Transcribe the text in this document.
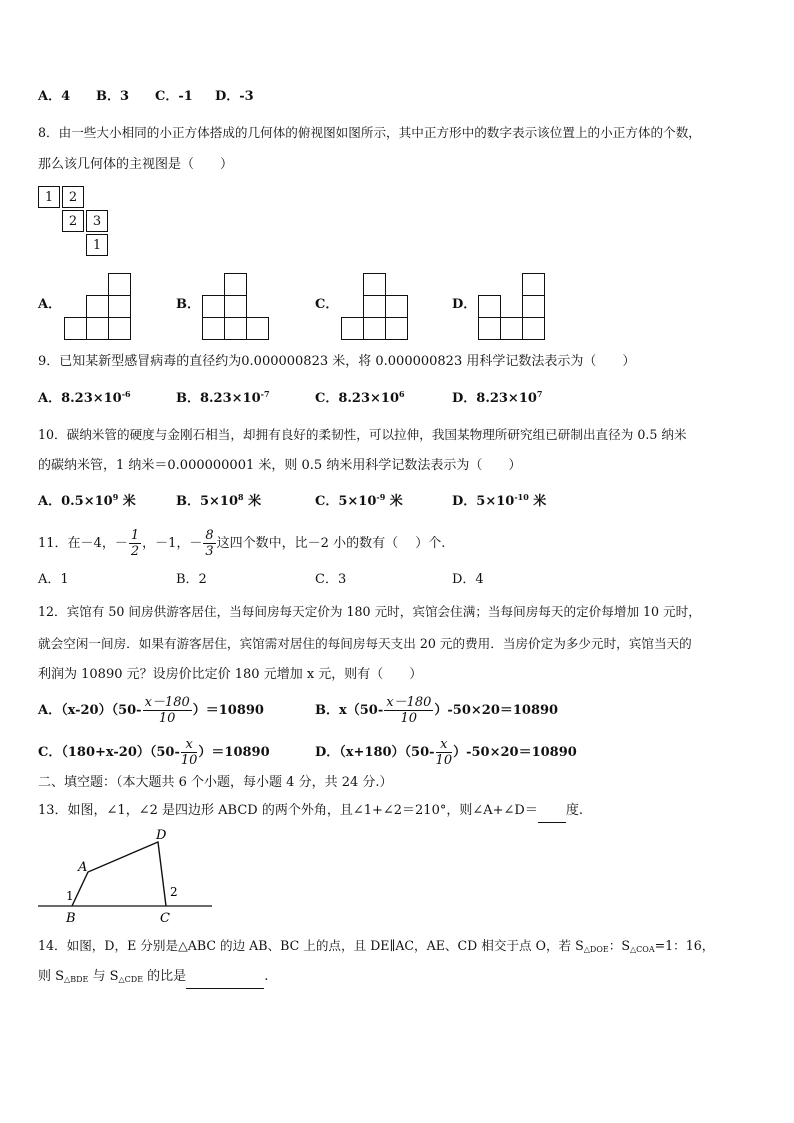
A．4 B．3 C．-1 D．-3
8．由一些大小相同的小正方体搭成的几何体的俯视图如图所示，其中正方形中的数字表示该位置上的小正方体的个数，
那么该几何体的主视图是（　　）
1	2
2	3
1
A．	B．	C．	D．
9．已知某新型感冒病毒的直径约为0.000000823 米，将 0.000000823 用科学记数法表示为（　　）
A．$8.23\times 10^{-6}$	B．$8.23\times 10^{-7}$	C．$8.23\times 10^6$	D．$8.23\times 10^7$
10．碳纳米管的硬度与金刚石相当，却拥有良好的柔韧性，可以拉伸，我国某物理所研究组已研制出直径为 0.5 纳米
的碳纳米管，1 纳米＝0.000000001 米，则 0.5 纳米用科学记数法表示为（　　）
A．$0.5\times 10^9$ 米	B．$5\times 10^8$ 米	C．$5\times 10^{-9}$ 米	D．$5\times 10^{-10}$ 米
11．在－4，－ $\frac{1}{2}$ ，－1，－ $\frac{8}{3}$ 这四个数中，比－2 小的数有（　 ）个.
A．1	B．2	C．3	D．4
12．宾馆有 50 间房供游客居住，当每间房每天定价为 180 元时，宾馆会住满；当每间房每天的定价每增加 10 元时，
就会空闲一间房．如果有游客居住，宾馆需对居住的每间房每天支出 20 元的费用．当房价定为多少元时，宾馆当天的
利润为 10890 元？设房价比定价 180 元增加 x 元，则有（　　）
A．$(x-20)(50- \frac{x-180}{10} )=10890$	B．$x(50- \frac{x-180}{10} )-50\times 20=10890$
C．$(180+x-20)(50- \frac{x}{10} )=10890$	D．$(x+180)(50- \frac{x}{10} )-50\times 20=10890$
二、填空题：（本大题共 6 个小题，每小题 4 分，共 24 分.）
13．如图，∠1，∠2 是四边形 ABCD 的两个外角，且∠1+∠2＝210°，则∠A+∠D＝ 度.
A
B	C
D
1	2
14．如图，D，E 分别是△ABC 的边 AB、BC 上的点，且 DE∥AC，AE、CD 相交于点 O，若 $S_{\triangle DOE}$：$S_{\triangle COA}=1$：16，
则 $S_{\triangle BDE}$ 与 $S_{\triangle CDE}$ 的比是	.
